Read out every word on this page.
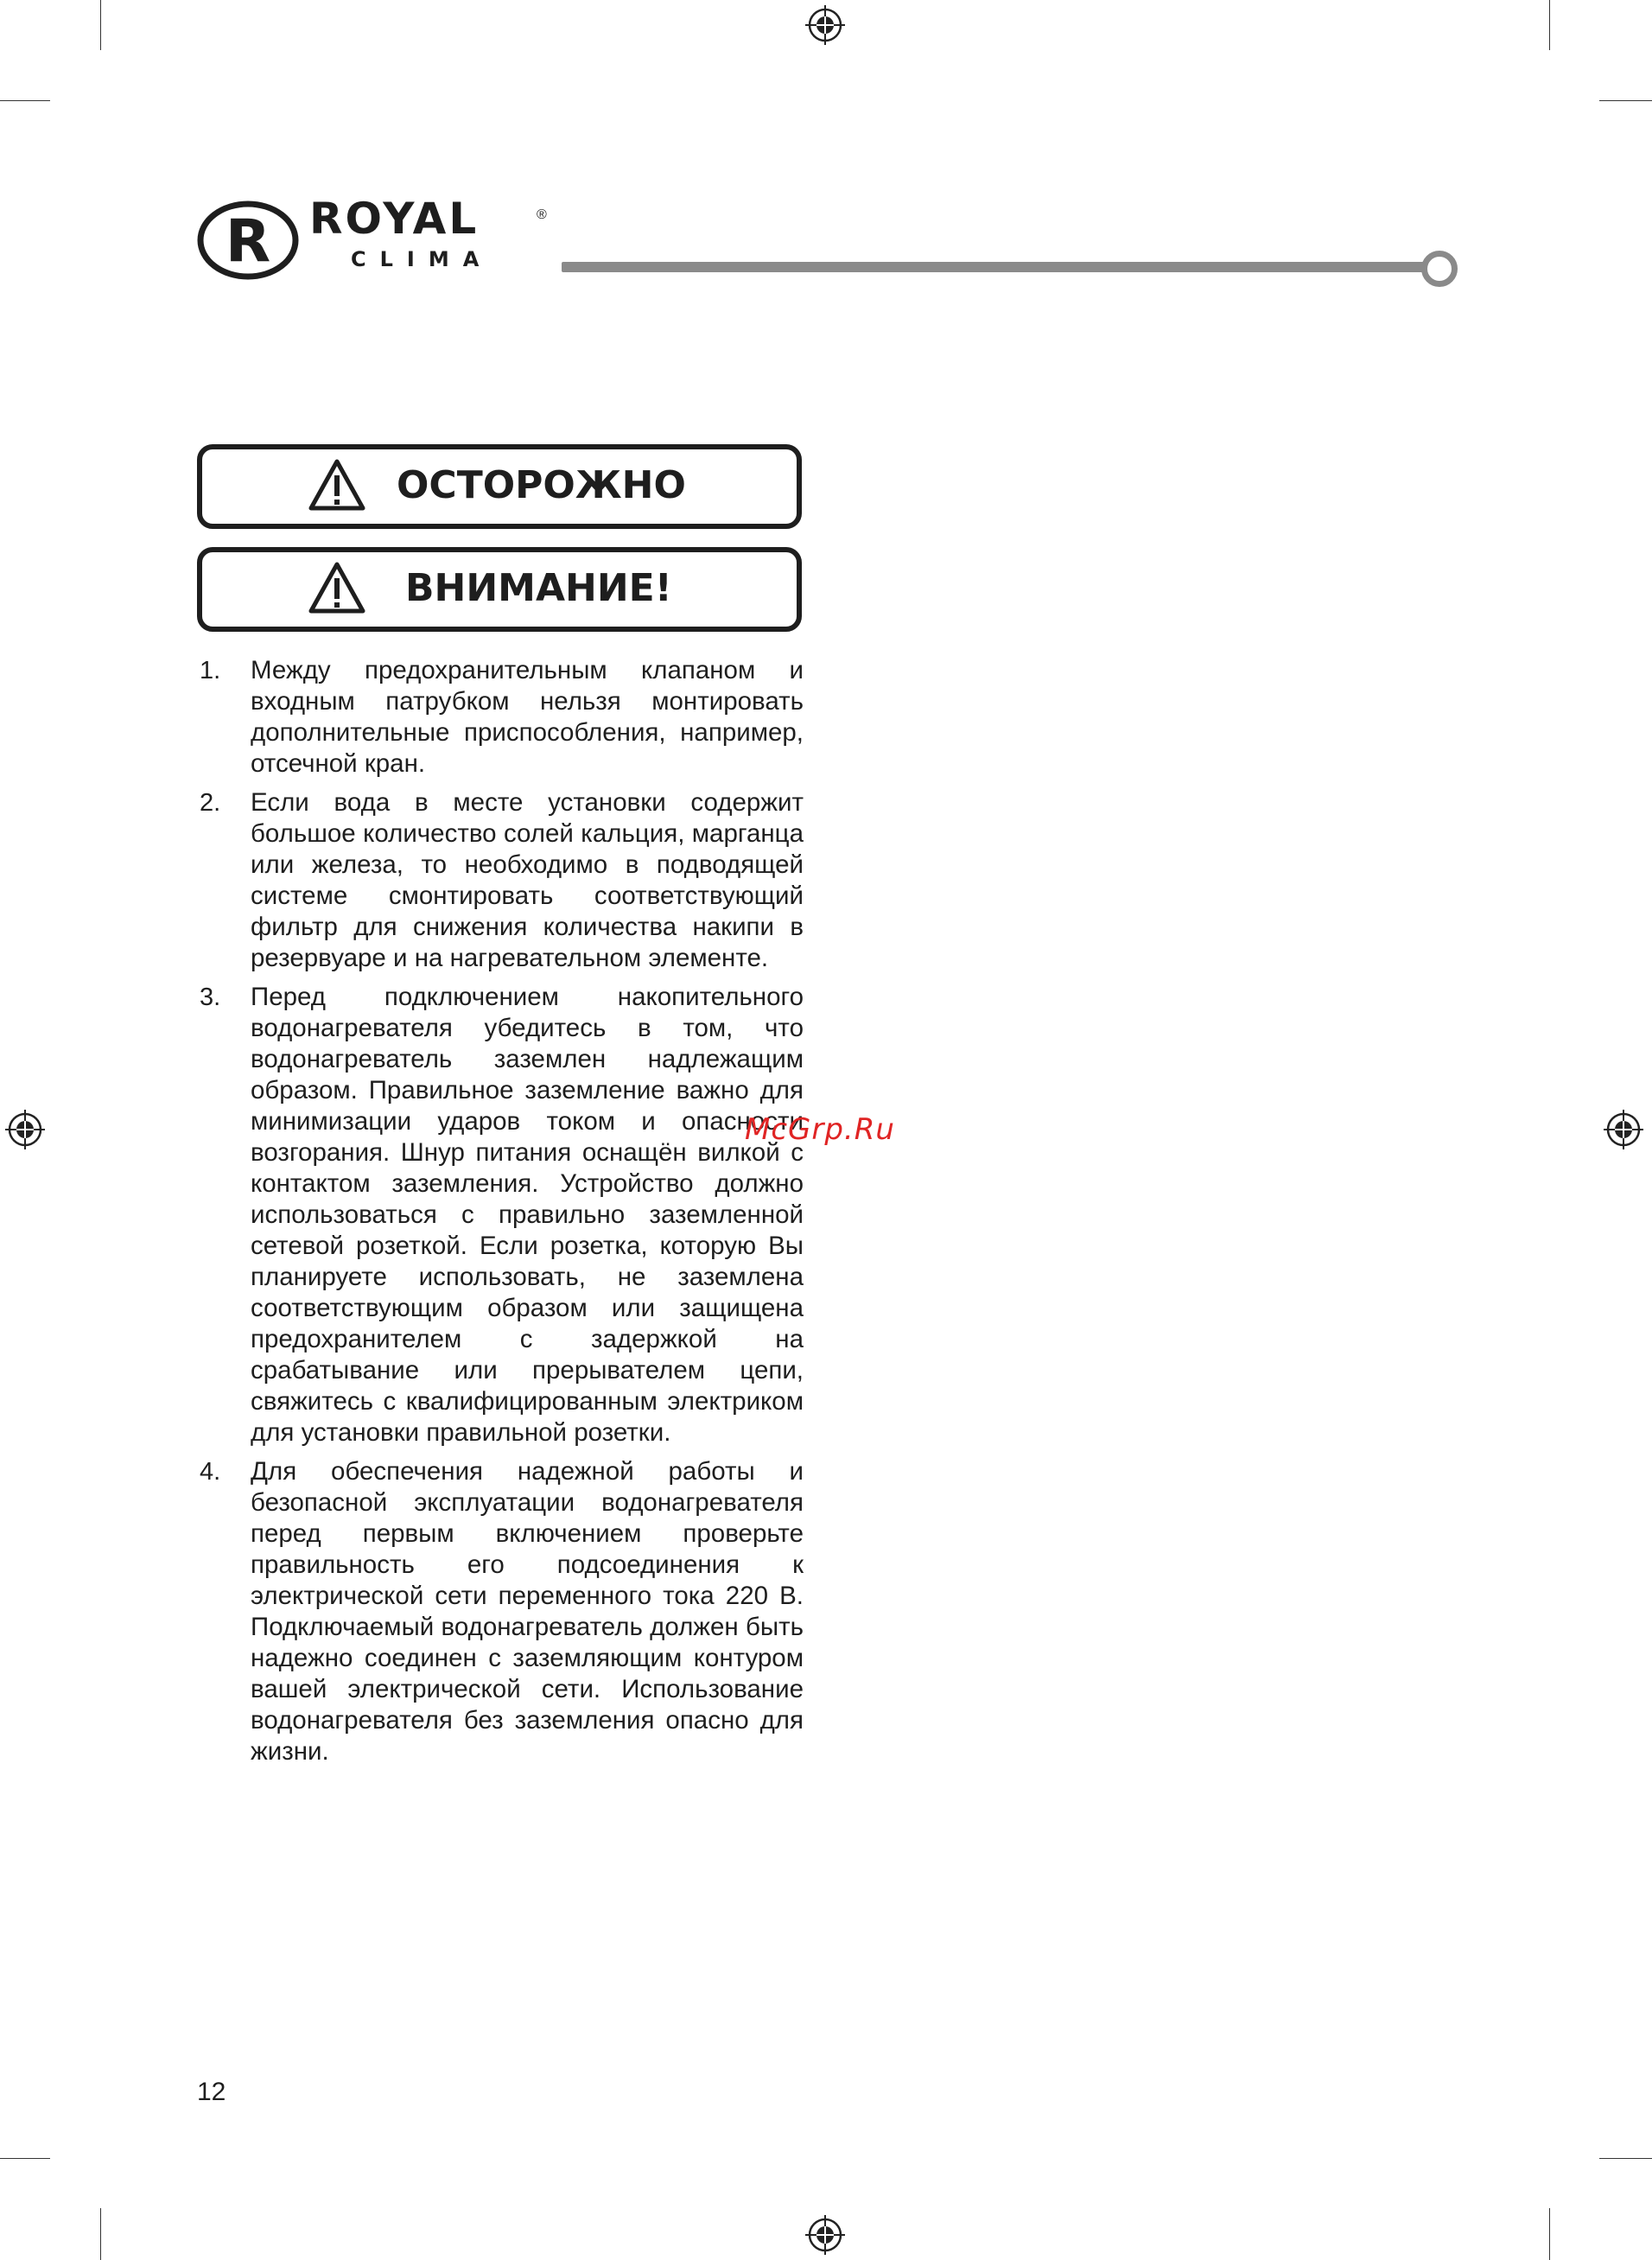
R ROYAL	®
CLIMA
ОСТОРОЖНО
ВНИМАНИЕ!
1. Между предохранительным клапаном и входным патрубком нельзя монтировать дополнительные приспособления, например, отсечной кран.
2. Если вода в месте установки содержит большое количество солей кальция, марганца или железа, то необходимо в подводящей системе смонтировать соответствующий фильтр для снижения количества накипи в резервуаре и на нагревательном элементе.
3. Перед подключением накопительного водонагревателя убедитесь в том, что водонагреватель заземлен надлежащим образом. Правильное заземление важно для минимизации ударов током и опасности возгорания. Шнур питания оснащён вилкой с контактом заземления. Устройство должно использоваться с правильно заземленной сетевой розеткой. Если розетка, которую Вы планируете использовать, не заземлена соответствующим образом или защищена предохранителем с задержкой на срабатывание или прерывателем цепи, свяжитесь с квалифицированным электриком для установки правильной розетки.
4. Для обеспечения надежной работы и безопасной эксплуатации водонагревателя перед первым включением проверьте правильность его подсоединения к электрической сети переменного тока 220 В. Подключаемый водонагреватель должен быть надежно соединен с заземляющим контуром вашей электрической сети. Использование водонагревателя без заземления опасно для жизни.
McGrp.Ru
12
